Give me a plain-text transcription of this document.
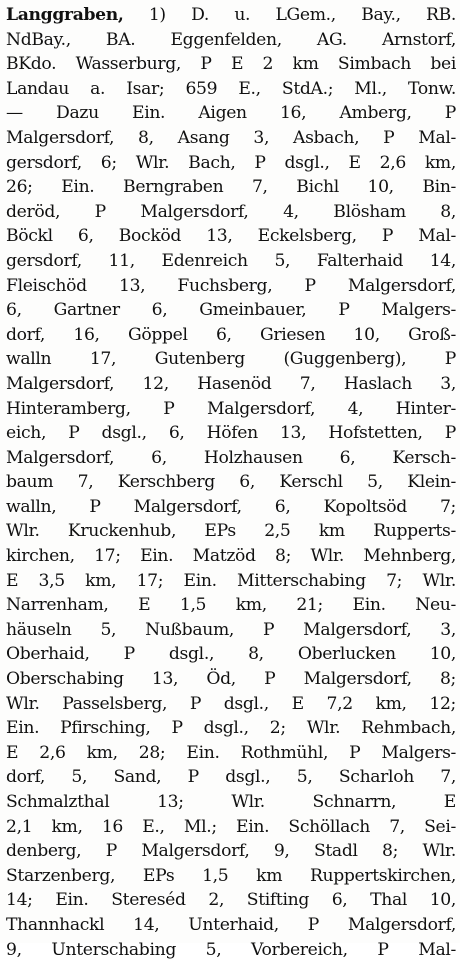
Langgraben, 1) D. u. LGem., Bay., RB.
NdBay., BA. Eggenfelden, AG. Arnstorf,
BKdo. Wasserburg, P E 2 km Simbach bei
Landau a. Isar; 659 E., StdA.; Ml., Tonw.
— Dazu Ein. Aigen 16, Amberg, P
Malgersdorf, 8, Asang 3, Asbach, P Mal-
gersdorf, 6; Wlr. Bach, P dsgl., E 2,6 km,
26; Ein. Berngraben 7, Bichl 10, Bin-
deröd, P Malgersdorf, 4, Blösham 8,
Böckl 6, Bocköd 13, Eckelsberg, P Mal-
gersdorf, 11, Edenreich 5, Falterhaid 14,
Fleischöd 13, Fuchsberg, P Malgersdorf,
6, Gartner 6, Gmeinbauer, P Malgers-
dorf, 16, Göppel 6, Griesen 10, Groß-
walln 17, Gutenberg (Guggenberg), P
Malgersdorf, 12, Hasenöd 7, Haslach 3,
Hinteramberg, P Malgersdorf, 4, Hinter-
eich, P dsgl., 6, Höfen 13, Hofstetten, P
Malgersdorf, 6, Holzhausen 6, Kersch-
baum 7, Kerschberg 6, Kerschl 5, Klein-
walln, P Malgersdorf, 6, Kopoltsöd 7;
Wlr. Kruckenhub, EPs 2,5 km Rupperts-
kirchen, 17; Ein. Matzöd 8; Wlr. Mehnberg,
E 3,5 km, 17; Ein. Mitterschabing 7; Wlr.
Narrenham, E 1,5 km, 21; Ein. Neu-
häuseln 5, Nußbaum, P Malgersdorf, 3,
Oberhaid, P dsgl., 8, Oberlucken 10,
Oberschabing 13, Öd, P Malgersdorf, 8;
Wlr. Passelsberg, P dsgl., E 7,2 km, 12;
Ein. Pfirsching, P dsgl., 2; Wlr. Rehmbach,
E 2,6 km, 28; Ein. Rothmühl, P Malgers-
dorf, 5, Sand, P dsgl., 5, Scharloh 7,
Schmalzthal 13; Wlr. Schnarrn, E
2,1 km, 16 E., Ml.; Ein. Schöllach 7, Sei-
denberg, P Malgersdorf, 9, Stadl 8; Wlr.
Starzenberg, EPs 1,5 km Ruppertskirchen,
14; Ein. Stereséd 2, Stifting 6, Thal 10,
Thannhackl 14, Unterhaid, P Malgersdorf,
9, Unterschabing 5, Vorbereich, P Mal-
